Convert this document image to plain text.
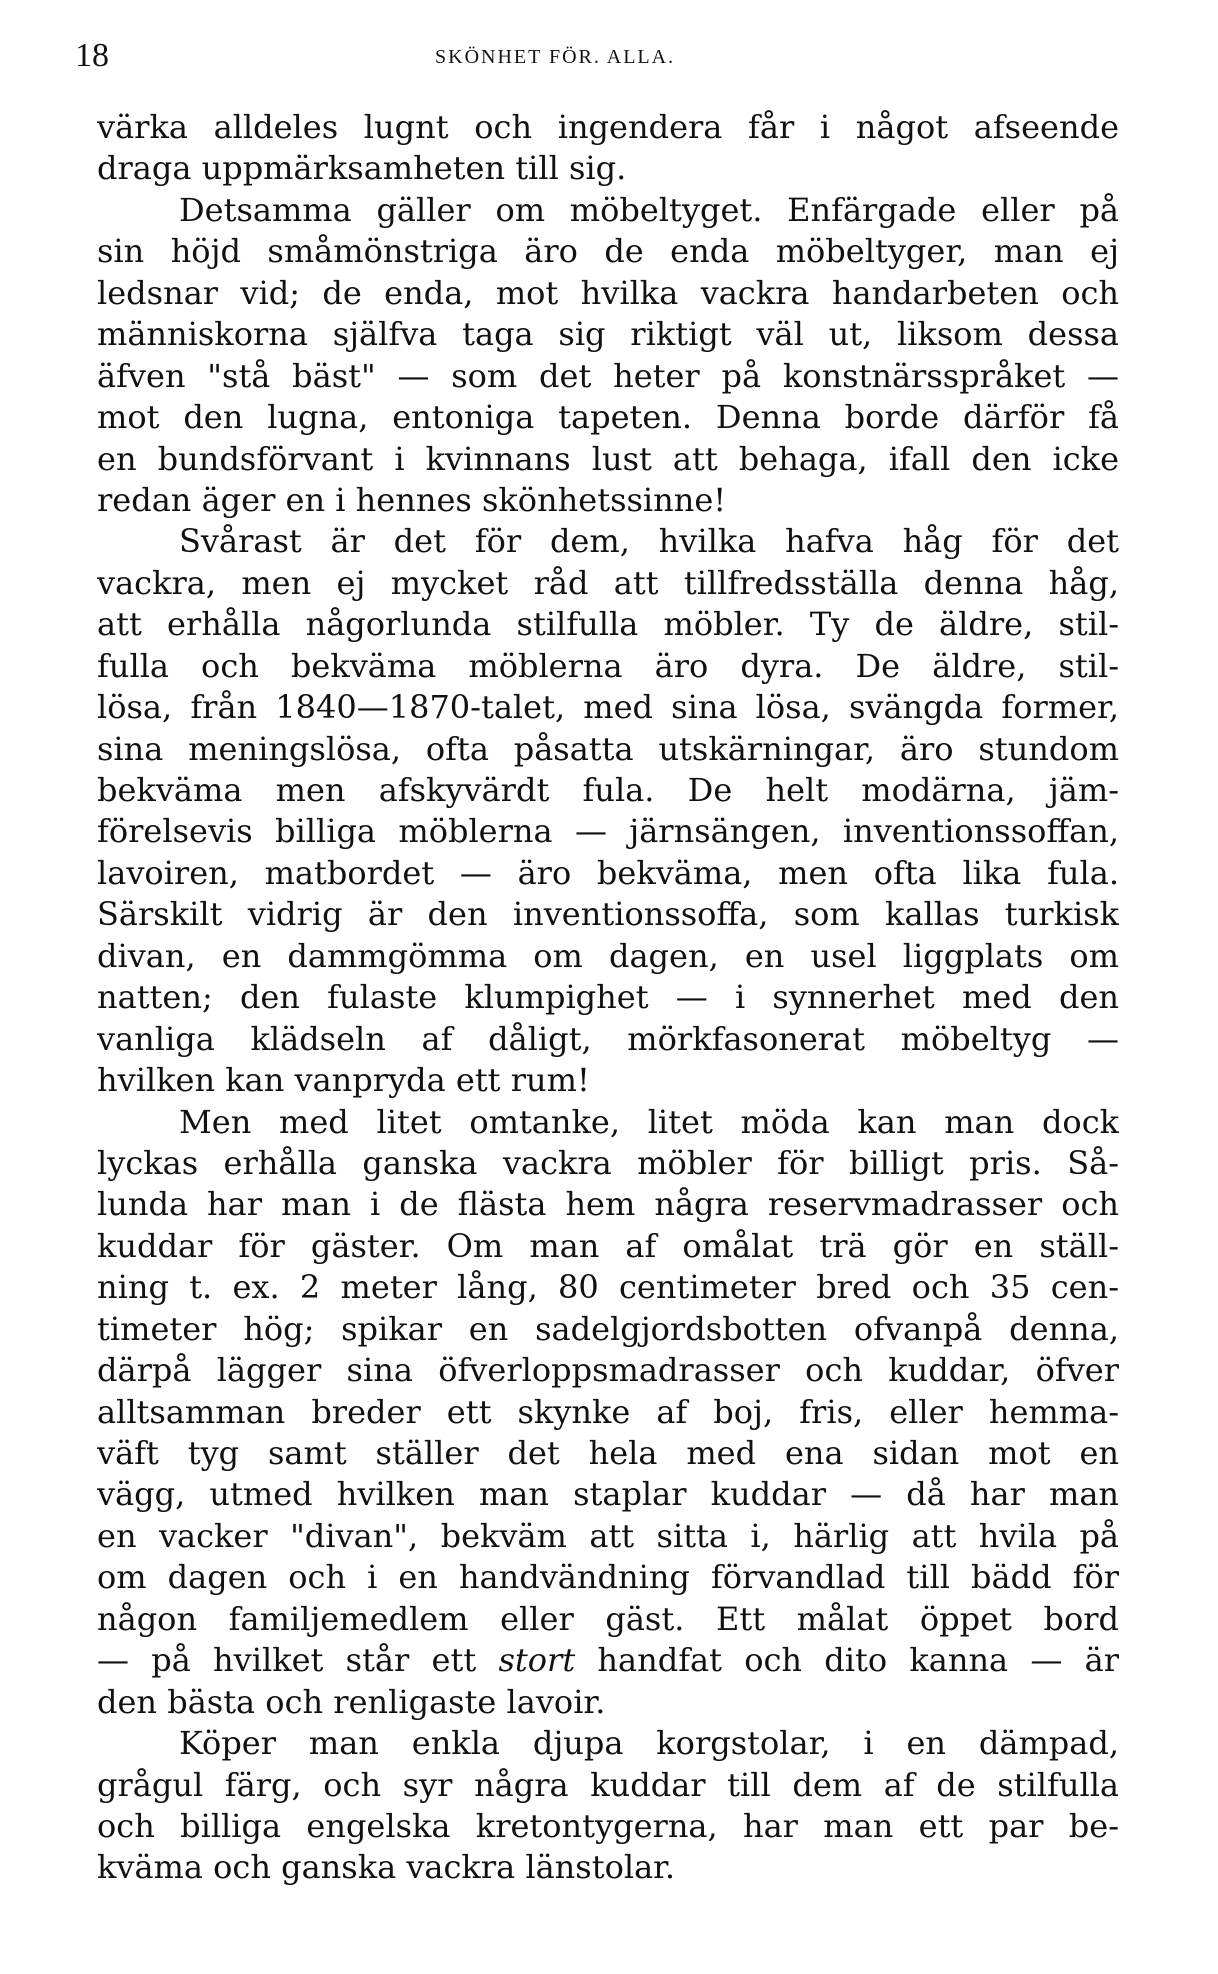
18	SKÖNHET FÖR. ALLA.
värka alldeles lugnt och ingendera får i något afseende
draga uppmärksamheten till sig.
Detsamma gäller om möbeltyget. Enfärgade eller på
sin höjd småmönstriga äro de enda möbeltyger, man ej
ledsnar vid; de enda, mot hvilka vackra handarbeten och
människorna själfva taga sig riktigt väl ut, liksom dessa
äfven "stå bäst" — som det heter på konstnärsspråket —
mot den lugna, entoniga tapeten. Denna borde därför få
en bundsförvant i kvinnans lust att behaga, ifall den icke
redan äger en i hennes skönhetssinne!
Svårast är det för dem, hvilka hafva håg för det
vackra, men ej mycket råd att tillfredsställa denna håg,
att erhålla någorlunda stilfulla möbler. Ty de äldre, stil-
fulla och bekväma möblerna äro dyra. De äldre, stil-
lösa, från 1840—1870-talet, med sina lösa, svängda former,
sina meningslösa, ofta påsatta utskärningar, äro stundom
bekväma men afskyvärdt fula. De helt modärna, jäm-
förelsevis billiga möblerna — järnsängen, inventionssoffan,
lavoiren, matbordet — äro bekväma, men ofta lika fula.
Särskilt vidrig är den inventionssoffa, som kallas turkisk
divan, en dammgömma om dagen, en usel liggplats om
natten; den fulaste klumpighet — i synnerhet med den
vanliga klädseln af dåligt, mörkfasonerat möbeltyg —
hvilken kan vanpryda ett rum!
Men med litet omtanke, litet möda kan man dock
lyckas erhålla ganska vackra möbler för billigt pris. Så-
lunda har man i de flästa hem några reservmadrasser och
kuddar för gäster. Om man af omålat trä gör en ställ-
ning t. ex. 2 meter lång, 80 centimeter bred och 35 cen-
timeter hög; spikar en sadelgjordsbotten ofvanpå denna,
därpå lägger sina öfverloppsmadrasser och kuddar, öfver
alltsamman breder ett skynke af boj, fris, eller hemma-
väft tyg samt ställer det hela med ena sidan mot en
vägg, utmed hvilken man staplar kuddar — då har man
en vacker "divan", bekväm att sitta i, härlig att hvila på
om dagen och i en handvändning förvandlad till bädd för
någon familjemedlem eller gäst. Ett målat öppet bord
— på hvilket står ett stort handfat och dito kanna — är
den bästa och renligaste lavoir.
Köper man enkla djupa korgstolar, i en dämpad,
grågul färg, och syr några kuddar till dem af de stilfulla
och billiga engelska kretontygerna, har man ett par be-
kväma och ganska vackra länstolar.
